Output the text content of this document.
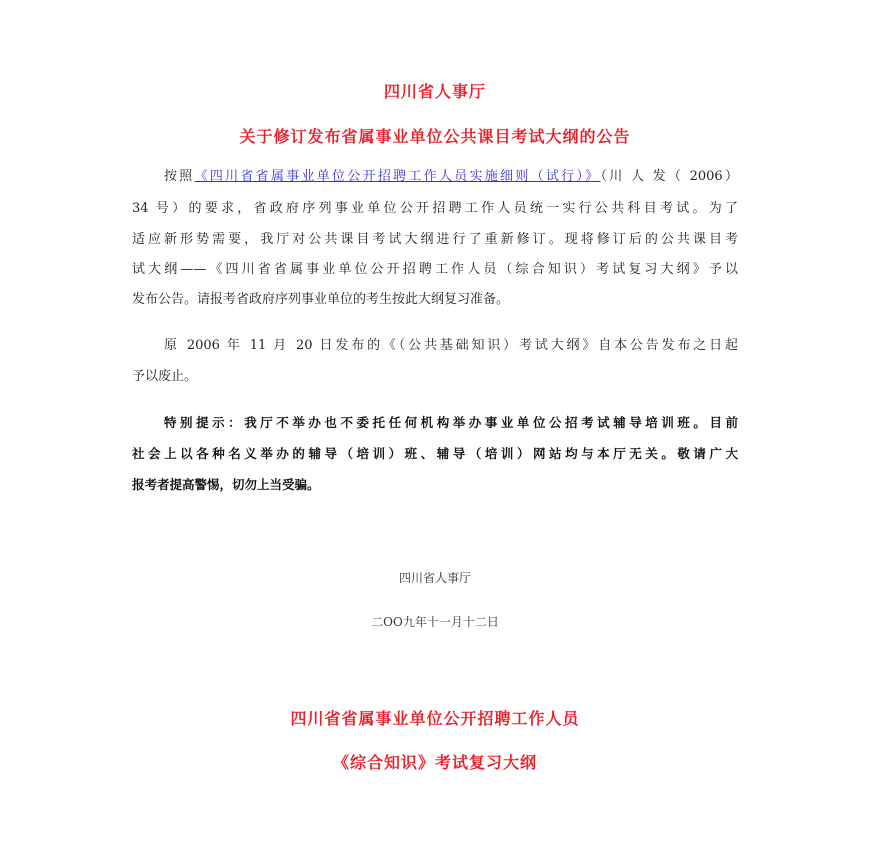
四川省人事厅
关于修订发布省属事业单位公共课目考试大纲的公告
按照《四川省省属事业单位公开招聘工作人员实施细则（试行）》（川 人 发（ 2006）
34 号）的要求，省政府序列事业单位公开招聘工作人员统一实行公共科目考试。为了
适应新形势需要，我厅对公共课目考试大纲进行了重新修订。现将修订后的公共课目考
试大纲——《四川省省属事业单位公开招聘工作人员（综合知识）考试复习大纲》予以
发布公告。请报考省政府序列事业单位的考生按此大纲复习准备。
原 2006 年 11 月 20 日发布的《（公共基础知识）考试大纲》自本公告发布之日起
予以废止。
特别提示：我厅不举办也不委托任何机构举办事业单位公招考试辅导培训班。目前
社会上以各种名义举办的辅导（培训）班、辅导（培训）网站均与本厅无关。敬请广大
报考者提高警惕，切勿上当受骗。
四川省人事厅
二OO九年十一月十二日
四川省省属事业单位公开招聘工作人员
《综合知识》考试复习大纲
